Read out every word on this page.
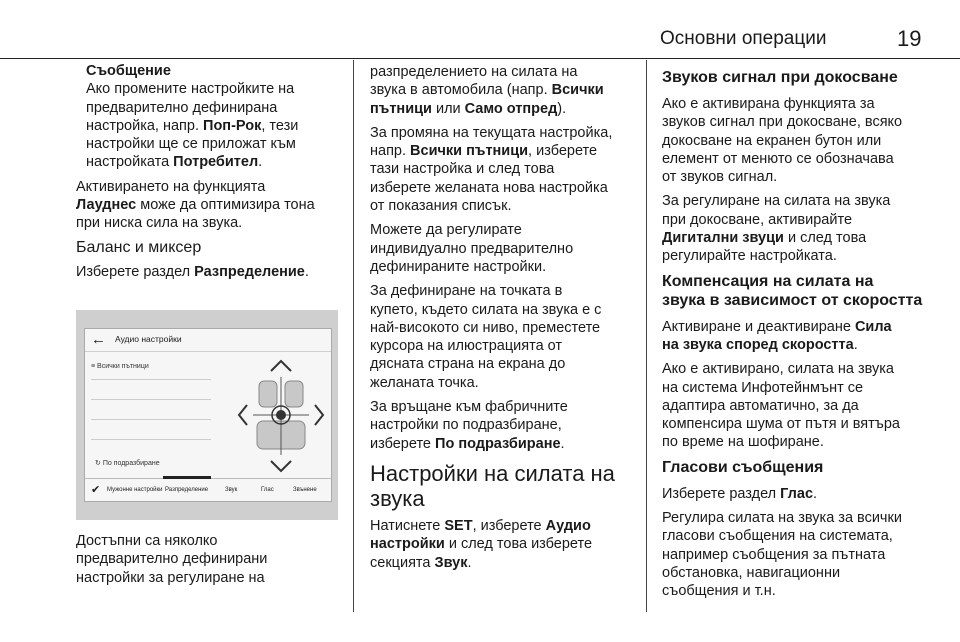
Основни операции	19
Съобщение
Ако промените настройките на
предварително дефинирана
настройка, напр. Поп-Рок, тези
настройки ще се приложат към
настройката Потребител.
Активирането на функцията
Лауднес може да оптимизира тона
при ниска сила на звука.
Баланс и миксер
Изберете раздел Разпределение.
← Аудио настройки
≡ Всички пътници
↻ По подразбиране
✔ Мужонне настройки Разпределение	Звук	Глас	Звънене
Достъпни са няколко
предварително дефинирани
настройки за регулиране на
разпределението на силата на
звука в автомобила (напр. Всички
пътници или Само отпред).
За промяна на текущата настройка,
напр. Всички пътници, изберете
тази настройка и след това
изберете желаната нова настройка
от показания списък.
Можете да регулирате
индивидуално предварително
дефинираните настройки.
За дефиниране на точката в
купето, където силата на звука е с
най-високото си ниво, преместете
курсора на илюстрацията от
дясната страна на екрана до
желаната точка.
За връщане към фабричните
настройки по подразбиране,
изберете По подразбиране.
Настройки на силата на
звука
Натиснете SET, изберете Аудио
настройки и след това изберете
секцията Звук.
Звуков сигнал при докосване
Ако е активирана функцията за
звуков сигнал при докосване, всяко
докосване на екранен бутон или
елемент от менюто се обозначава
от звуков сигнал.
За регулиране на силата на звука
при докосване, активирайте
Дигитални звуци и след това
регулирайте настройката.
Компенсация на силата на
звука в зависимост от скоростта
Активиране и деактивиране Сила
на звука според скоростта.
Ако е активирано, силата на звука
на система Инфотейнмънт се
адаптира автоматично, за да
компенсира шума от пътя и вятъра
по време на шофиране.
Гласови съобщения
Изберете раздел Глас.
Регулира силата на звука за всички
гласови съобщения на системата,
например съобщения за пътната
обстановка, навигационни
съобщения и т.н.
